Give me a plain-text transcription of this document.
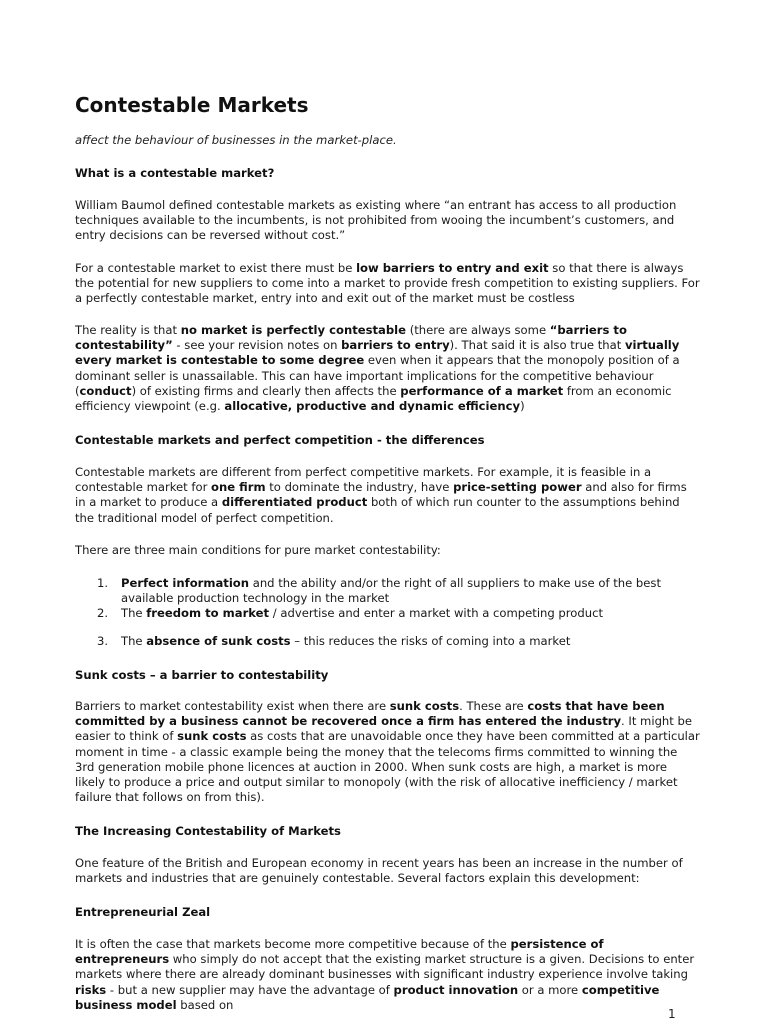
Contestable Markets

affect the behaviour of businesses in the market-place.

What is a contestable market?

William Baumol defined contestable markets as existing where “an entrant has access to all production techniques available to the incumbents, is not prohibited from wooing the incumbent’s customers, and entry decisions can be reversed without cost.”

For a contestable market to exist there must be low barriers to entry and exit so that there is always the potential for new suppliers to come into a market to provide fresh competition to existing suppliers. For a perfectly contestable market, entry into and exit out of the market must be costless

The reality is that no market is perfectly contestable (there are always some “barriers to contestability” - see your revision notes on barriers to entry). That said it is also true that virtually every market is contestable to some degree even when it appears that the monopoly position of a dominant seller is unassailable. This can have important implications for the competitive behaviour (conduct) of existing firms and clearly then affects the performance of a market from an economic efficiency viewpoint (e.g. allocative, productive and dynamic efficiency)

Contestable markets and perfect competition - the differences

Contestable markets are different from perfect competitive markets. For example, it is feasible in a contestable market for one firm to dominate the industry, have price-setting power and also for firms in a market to produce a differentiated product both of which run counter to the assumptions behind the traditional model of perfect competition.

There are three main conditions for pure market contestability:

1.	Perfect information and the ability and/or the right of all suppliers to make use of the best available production technology in the market

2.	The freedom to market / advertise and enter a market with a competing product

3.	The absence of sunk costs – this reduces the risks of coming into a market

Sunk costs – a barrier to contestability

Barriers to market contestability exist when there are sunk costs. These are costs that have been committed by a business cannot be recovered once a firm has entered the industry. It might be easier to think of sunk costs as costs that are unavoidable once they have been committed at a particular moment in time - a classic example being the money that the telecoms firms committed to winning the 3rd generation mobile phone licences at auction in 2000. When sunk costs are high, a market is more likely to produce a price and output similar to monopoly (with the risk of allocative inefficiency / market failure that follows on from this).

The Increasing Contestability of Markets

One feature of the British and European economy in recent years has been an increase in the number of markets and industries that are genuinely contestable. Several factors explain this development:

Entrepreneurial Zeal

It is often the case that markets become more competitive because of the persistence of entrepreneurs who simply do not accept that the existing market structure is a given. Decisions to enter markets where there are already dominant businesses with significant industry experience involve taking risks - but a new supplier may have the advantage of product innovation or a more competitive business model based on

1
